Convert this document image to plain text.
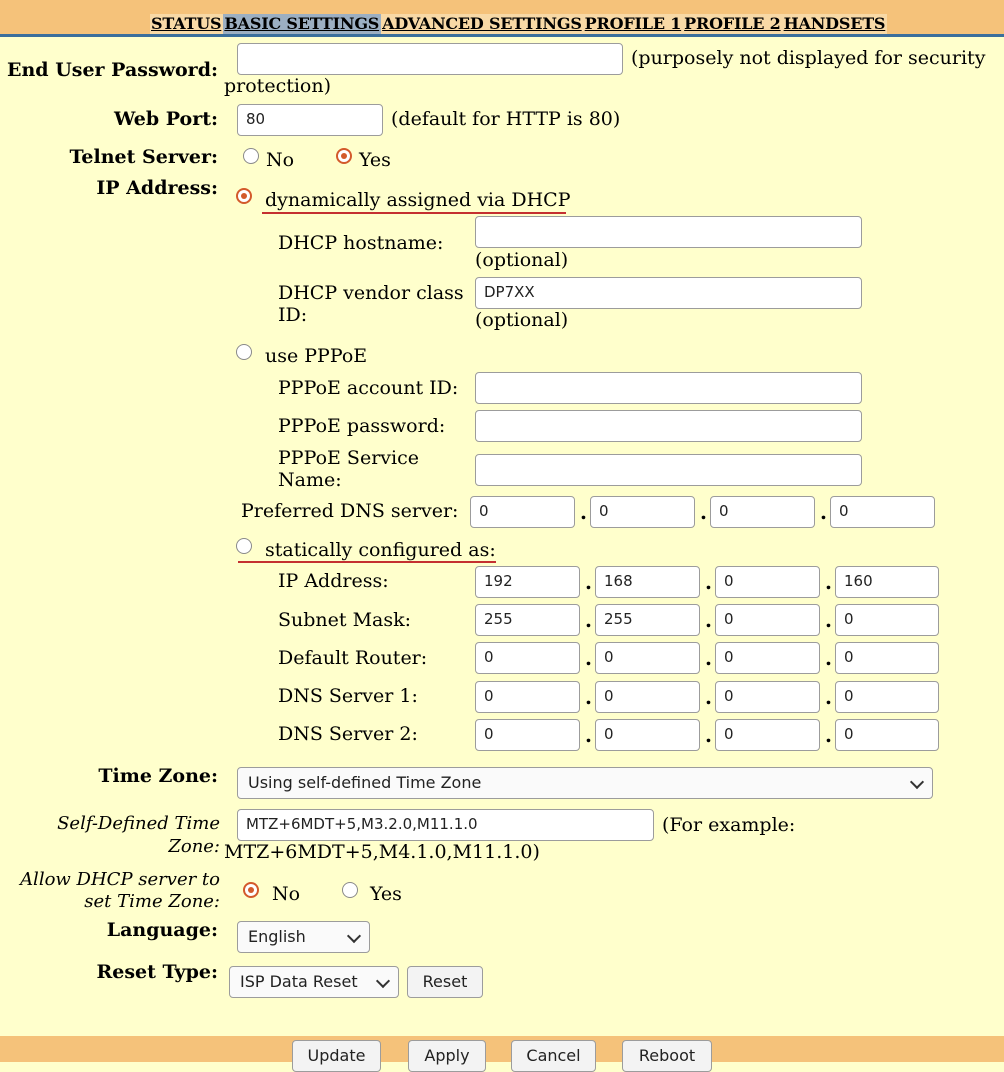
STATUS BASIC SETTINGS ADVANCED SETTINGS PROFILE 1 PROFILE 2 HANDSETS
End User Password:
(purposely not displayed for security
protection)
Web Port:	80	(default for HTTP is 80)
Telnet Server:	No	Yes
IP Address:
dynamically assigned via DHCP
DHCP hostname:
(optional)
DHCP vendor class
ID:
DP7XX
(optional)
use PPPoE
PPPoE account ID:
PPPoE password:
PPPoE Service
Name:
Preferred DNS server:	0	. 0	. 0	. 0
statically configured as:
IP Address:	192	. 168	. 0	. 160
Subnet Mask:	255	. 255	. 0	. 0
Default Router:	0	. 0	. 0	. 0
DNS Server 1:	0	. 0	. 0	. 0
DNS Server 2:	0	. 0	. 0	. 0
Time Zone:	Using self-defined Time Zone
Self-Defined Time
Zone:
MTZ+6MDT+5,M3.2.0,M11.1.0	(For example:
MTZ+6MDT+5,M4.1.0,M11.1.0)
Allow DHCP server to
set Time Zone:	No	Yes
Language:	English
Reset Type:	ISP Data Reset	Reset
Update	Apply	Cancel	Reboot
